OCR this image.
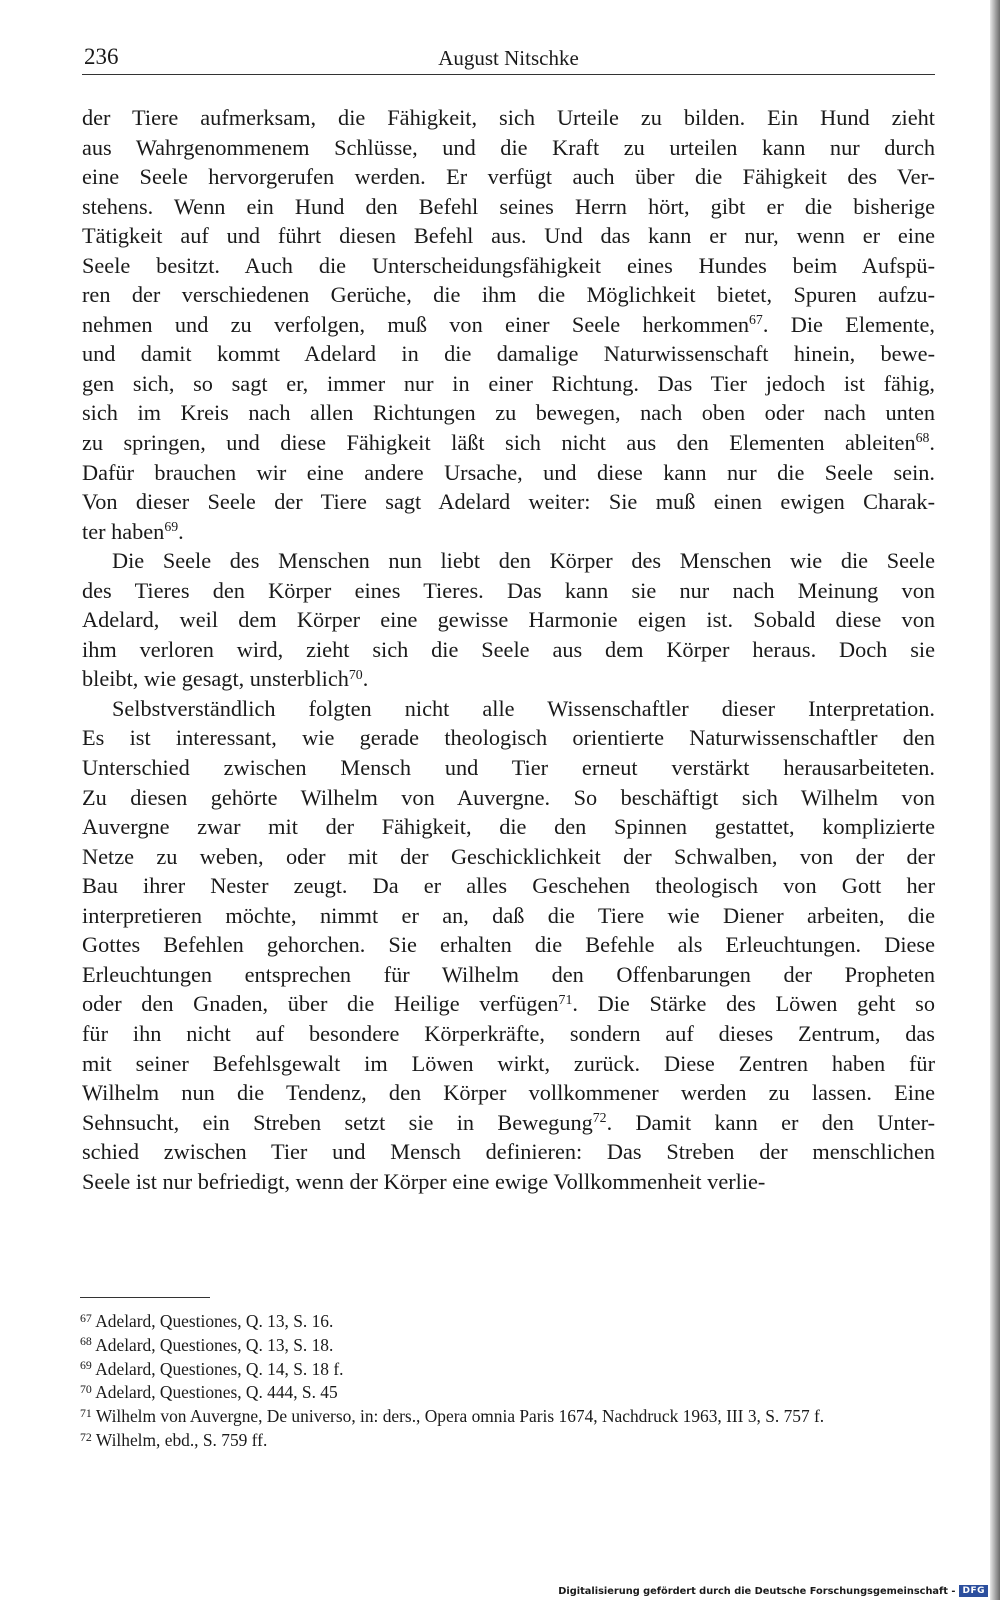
236	August Nitschke

der Tiere aufmerksam, die Fähigkeit, sich Urteile zu bilden. Ein Hund zieht
aus Wahrgenommenem Schlüsse, und die Kraft zu urteilen kann nur durch
eine Seele hervorgerufen werden. Er verfügt auch über die Fähigkeit des Ver-
stehens. Wenn ein Hund den Befehl seines Herrn hört, gibt er die bisherige
Tätigkeit auf und führt diesen Befehl aus. Und das kann er nur, wenn er eine
Seele besitzt. Auch die Unterscheidungsfähigkeit eines Hundes beim Aufspü-
ren der verschiedenen Gerüche, die ihm die Möglichkeit bietet, Spuren aufzu-
nehmen und zu verfolgen, muß von einer Seele herkommen$^{67}$. Die Elemente,
und damit kommt Adelard in die damalige Naturwissenschaft hinein, bewe-
gen sich, so sagt er, immer nur in einer Richtung. Das Tier jedoch ist fähig,
sich im Kreis nach allen Richtungen zu bewegen, nach oben oder nach unten
zu springen, und diese Fähigkeit läßt sich nicht aus den Elementen ableiten$^{68}$.
Dafür brauchen wir eine andere Ursache, und diese kann nur die Seele sein.
Von dieser Seele der Tiere sagt Adelard weiter: Sie muß einen ewigen Charak-
ter haben$^{69}$.

Die Seele des Menschen nun liebt den Körper des Menschen wie die Seele
des Tieres den Körper eines Tieres. Das kann sie nur nach Meinung von
Adelard, weil dem Körper eine gewisse Harmonie eigen ist. Sobald diese von
ihm verloren wird, zieht sich die Seele aus dem Körper heraus. Doch sie
bleibt, wie gesagt, unsterblich$^{70}$.

Selbstverständlich folgten nicht alle Wissenschaftler dieser Interpretation.
Es ist interessant, wie gerade theologisch orientierte Naturwissenschaftler den
Unterschied zwischen Mensch und Tier erneut verstärkt herausarbeiteten.
Zu diesen gehörte Wilhelm von Auvergne. So beschäftigt sich Wilhelm von
Auvergne zwar mit der Fähigkeit, die den Spinnen gestattet, komplizierte
Netze zu weben, oder mit der Geschicklichkeit der Schwalben, von der der
Bau ihrer Nester zeugt. Da er alles Geschehen theologisch von Gott her
interpretieren möchte, nimmt er an, daß die Tiere wie Diener arbeiten, die
Gottes Befehlen gehorchen. Sie erhalten die Befehle als Erleuchtungen. Diese
Erleuchtungen entsprechen für Wilhelm den Offenbarungen der Propheten
oder den Gnaden, über die Heilige verfügen$^{71}$. Die Stärke des Löwen geht so
für ihn nicht auf besondere Körperkräfte, sondern auf dieses Zentrum, das
mit seiner Befehlsgewalt im Löwen wirkt, zurück. Diese Zentren haben für
Wilhelm nun die Tendenz, den Körper vollkommener werden zu lassen. Eine
Sehnsucht, ein Streben setzt sie in Bewegung$^{72}$. Damit kann er den Unter-
schied zwischen Tier und Mensch definieren: Das Streben der menschlichen
Seele ist nur befriedigt, wenn der Körper eine ewige Vollkommenheit verlie-

$^{67}$ Adelard, Questiones, Q. 13, S. 16.
$^{68}$ Adelard, Questiones, Q. 13, S. 18.
$^{69}$ Adelard, Questiones, Q. 14, S. 18 f.
$^{70}$ Adelard, Questiones, Q. 444, S. 45
$^{71}$ Wilhelm von Auvergne, De universo, in: ders., Opera omnia Paris 1674, Nachdruck 1963, III 3, S. 757 f.
$^{72}$ Wilhelm, ebd., S. 759 ff.
Digitalisierung gefördert durch die Deutsche Forschungsgemeinschaft - DFG
